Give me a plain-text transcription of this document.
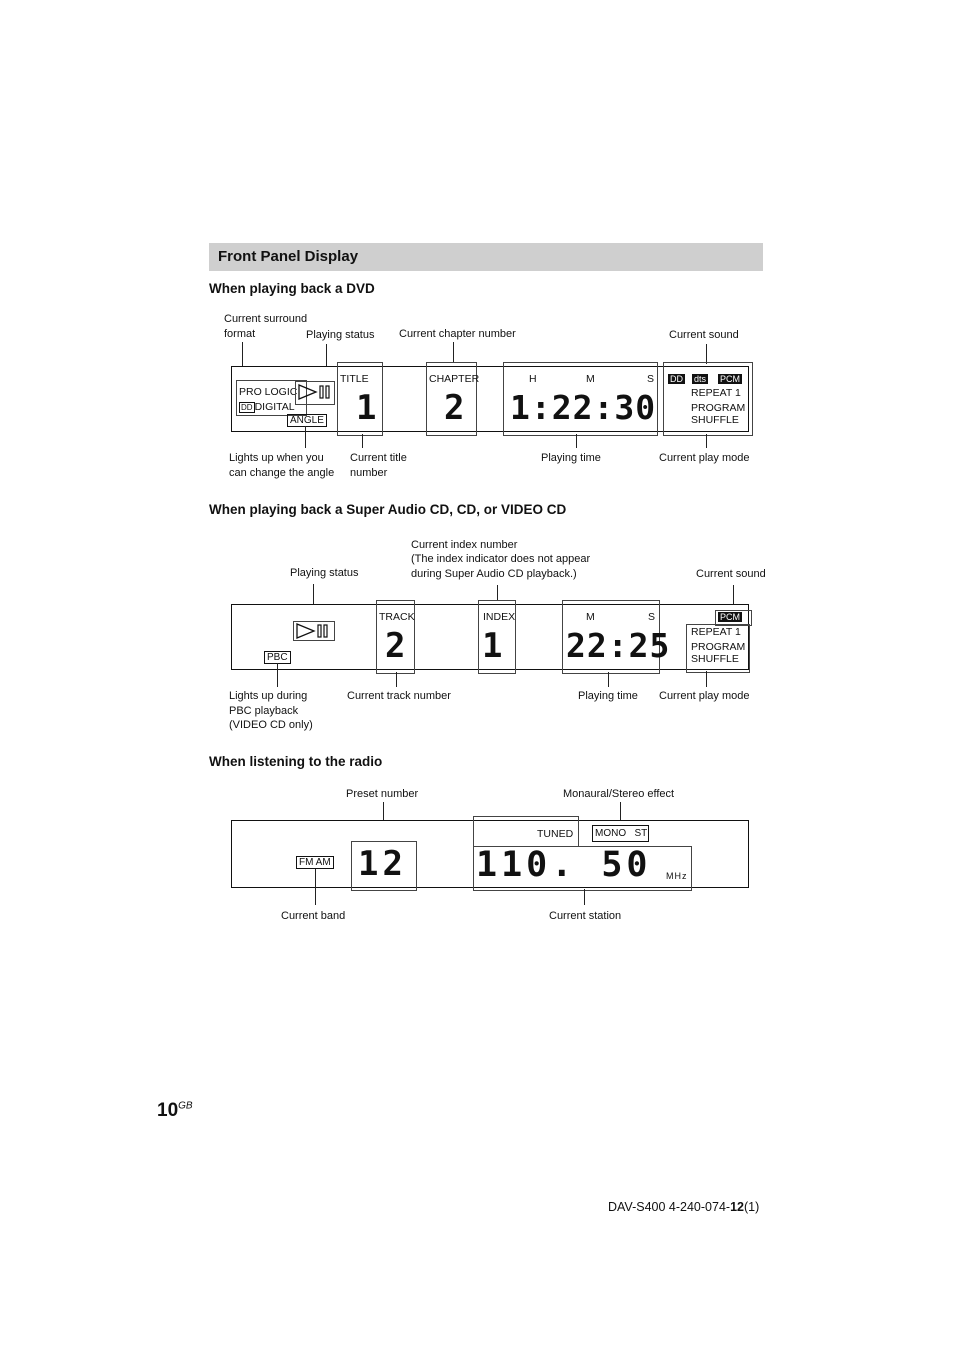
Front Panel Display
When playing back a DVD
Current surround
format	Playing status Current chapter number	Current sound
PRO LOGIC
DD DIGITAL
ANGLE
TITLE
1
CHAPTER
2
H	M	S
1:22:30
DD dts PCM
REPEAT 1
PROGRAM
SHUFFLE
Lights up when you
can change the angle
Current title
number
Playing time	Current play mode
When playing back a Super Audio CD, CD, or VIDEO CD
Current index number
(The index indicator does not appear
during Super Audio CD playback.)
Playing status	Current sound
PBC
TRACK
2
INDEX
1
M	S
22:25
PCM
REPEAT 1
PROGRAM
SHUFFLE
Lights up during
PBC playback
(VIDEO CD only)
Current track number	Playing time Current play mode
When listening to the radio
Preset number	Monaural/Stereo effect
FM AM 12
TUNED	MONO ST
110. 50 MHz
Current band	Current station
$10^{GB}$
DAV-S400 4-240-074-12(1)
